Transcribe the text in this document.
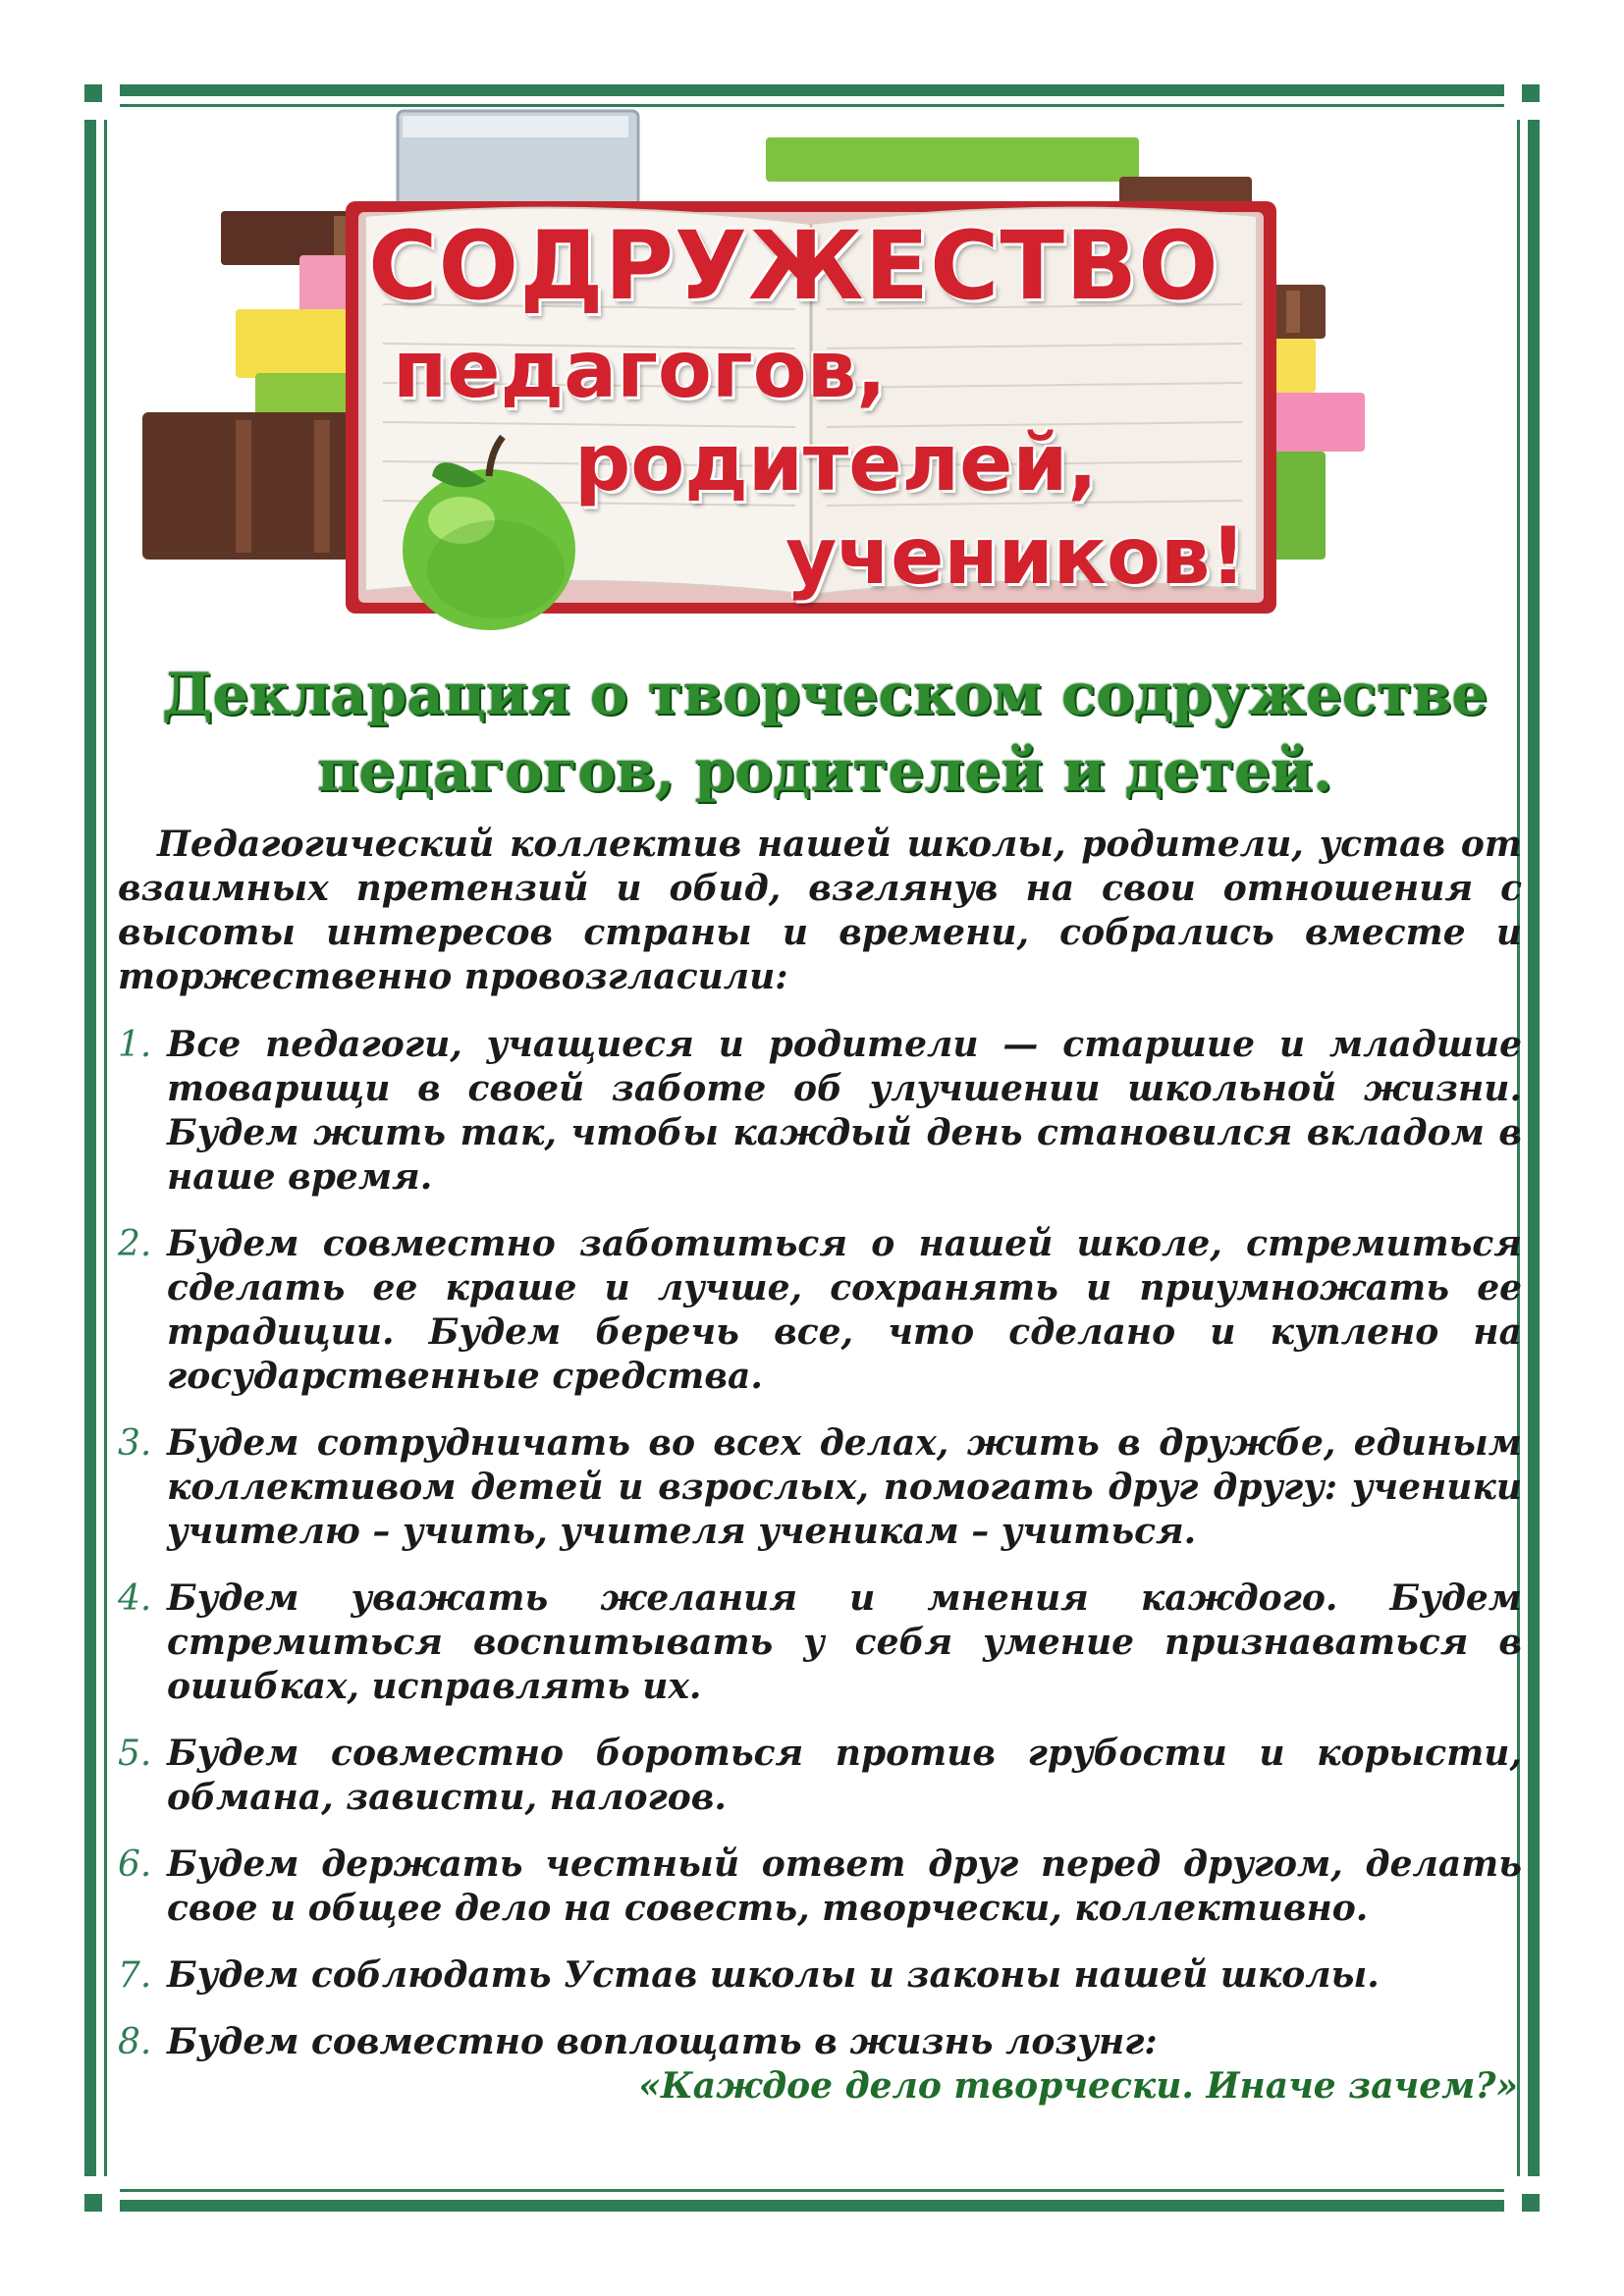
СОДРУЖЕСТВО
педагогов,
родителей,
учеников!
Декларация о творческом содружестве
педагогов, родителей и детей.
Педагогический коллектив нашей школы, родители, устав от взаимных претензий и обид, взглянув на свои отношения с высоты интересов страны и времени, собрались вместе и торжественно провозгласили:
1. Все педагоги, учащиеся и родители — старшие и младшие товарищи в своей заботе об улучшении школьной жизни. Будем жить так, чтобы каждый день становился вкладом в наше время.
2. Будем совместно заботиться о нашей школе, стремиться сделать ее краше и лучше, сохранять и приумножать ее традиции. Будем беречь все, что сделано и куплено на государственные средства.
3. Будем сотрудничать во всех делах, жить в дружбе, единым коллективом детей и взрослых, помогать друг другу: ученики учителю – учить, учителя ученикам – учиться.
4. Будем уважать желания и мнения каждого. Будем стремиться воспитывать у себя умение признаваться в ошибках, исправлять их.
5. Будем совместно бороться против грубости и корысти, обмана, зависти, налогов.
6. Будем держать честный ответ друг перед другом, делать свое и общее дело на совесть, творчески, коллективно.
7. Будем соблюдать Устав школы и законы нашей школы.
8. Будем совместно воплощать в жизнь лозунг:
«Каждое дело творчески. Иначе зачем?»
